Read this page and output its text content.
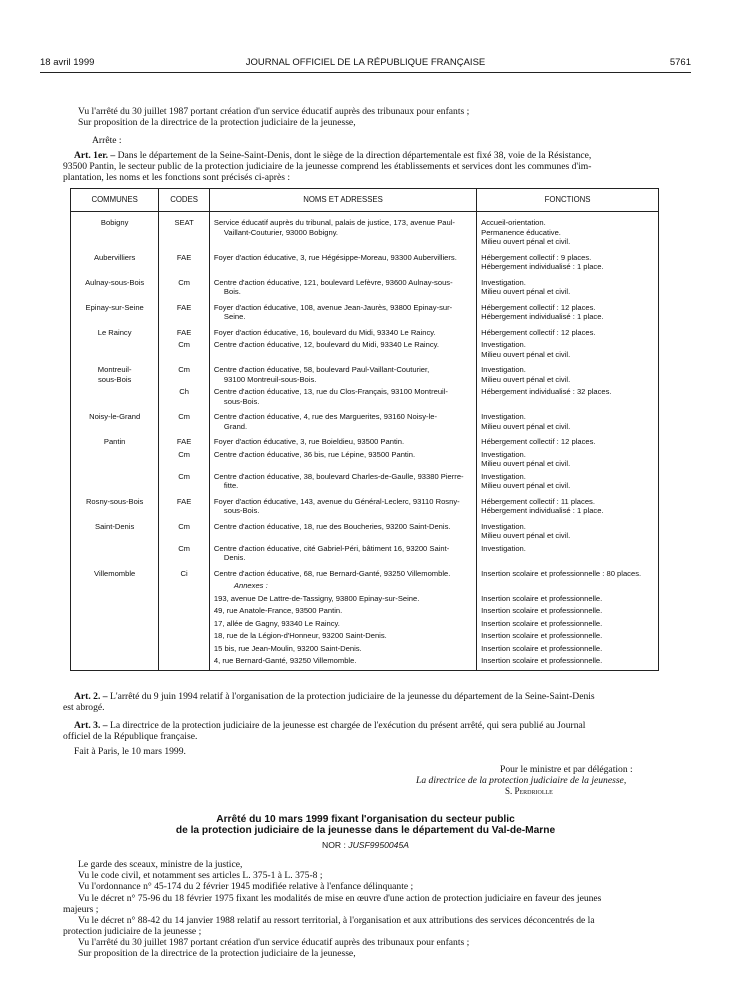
18 avril 1999	JOURNAL OFFICIEL DE LA RÉPUBLIQUE FRANÇAISE	5761
Vu l'arrêté du 30 juillet 1987 portant création d'un service éducatif auprès des tribunaux pour enfants ;
Sur proposition de la directrice de la protection judiciaire de la jeunesse,
Arrête :
Art. 1er. – Dans le département de la Seine-Saint-Denis, dont le siège de la direction départementale est fixé 38, voie de la Résistance,
93500 Pantin, le secteur public de la protection judiciaire de la jeunesse comprend les établissements et services dont les communes d'im-
plantation, les noms et les fonctions sont précisés ci-après :
COMMUNES	CODES	NOMS ET ADRESSES	FONCTIONS

Bobigny	SEAT	Service éducatif auprès du tribunal, palais de justice, 173, avenue Paul-
Vaillant-Couturier, 93000 Bobigny.	Accueil-orientation.
Permanence éducative.
Milieu ouvert pénal et civil.

Aubervilliers	FAE	Foyer d'action éducative, 3, rue Hégésippe-Moreau, 93300 Aubervilliers.	Hébergement collectif : 9 places.
Hébergement individualisé : 1 place.

Aulnay-sous-Bois	Cm	Centre d'action éducative, 121, boulevard Lefèvre, 93600 Aulnay-sous-
Bois.	Investigation.
Milieu ouvert pénal et civil.

Epinay-sur-Seine	FAE	Foyer d'action éducative, 108, avenue Jean-Jaurès, 93800 Epinay-sur-
Seine.	Hébergement collectif : 12 places.
Hébergement individualisé : 1 place.

Le Raincy	FAE	Foyer d'action éducative, 16, boulevard du Midi, 93340 Le Raincy.	Hébergement collectif : 12 places.

	Cm	Centre d'action éducative, 12, boulevard du Midi, 93340 Le Raincy.	Investigation.
Milieu ouvert pénal et civil.

Montreuil-
sous-Bois	Cm	Centre d'action éducative, 58, boulevard Paul-Vaillant-Couturier,
93100 Montreuil-sous-Bois.	Investigation.
Milieu ouvert pénal et civil.

	Ch	Centre d'action éducative, 13, rue du Clos-Français, 93100 Montreuil-
sous-Bois.	Hébergement individualisé : 32 places.

Noisy-le-Grand	Cm	Centre d'action éducative, 4, rue des Marguerites, 93160 Noisy-le-
Grand.	Investigation.
Milieu ouvert pénal et civil.

Pantin	FAE	Foyer d'action éducative, 3, rue Boieldieu, 93500 Pantin.	Hébergement collectif : 12 places.

	Cm	Centre d'action éducative, 36 bis, rue Lépine, 93500 Pantin.	Investigation.
Milieu ouvert pénal et civil.

	Cm	Centre d'action éducative, 38, boulevard Charles-de-Gaulle, 93380 Pierre-
fitte.	Investigation.
Milieu ouvert pénal et civil.

Rosny-sous-Bois	FAE	Foyer d'action éducative, 143, avenue du Général-Leclerc, 93110 Rosny-
sous-Bois.	Hébergement collectif : 11 places.
Hébergement individualisé : 1 place.

Saint-Denis	Cm	Centre d'action éducative, 18, rue des Boucheries, 93200 Saint-Denis.	Investigation.
Milieu ouvert pénal et civil.

	Cm	Centre d'action éducative, cité Gabriel-Péri, bâtiment 16, 93200 Saint-
Denis.	Investigation.

Villemomble	Ci	Centre d'action éducative, 68, rue Bernard-Ganté, 93250 Villemomble.	Insertion scolaire et professionnelle : 80 places.

		Annexes :	

		193, avenue De Lattre-de-Tassigny, 93800 Epinay-sur-Seine.	Insertion scolaire et professionnelle.

		49, rue Anatole-France, 93500 Pantin.	Insertion scolaire et professionnelle.

		17, allée de Gagny, 93340 Le Raincy.	Insertion scolaire et professionnelle.

		18, rue de la Légion-d'Honneur, 93200 Saint-Denis.	Insertion scolaire et professionnelle.

		15 bis, rue Jean-Moulin, 93200 Saint-Denis.	Insertion scolaire et professionnelle.

		4, rue Bernard-Ganté, 93250 Villemomble.	Insertion scolaire et professionnelle.

Art. 2. – L'arrêté du 9 juin 1994 relatif à l'organisation de la protection judiciaire de la jeunesse du département de la Seine-Saint-Denis
est abrogé.
Art. 3. – La directrice de la protection judiciaire de la jeunesse est chargée de l'exécution du présent arrêté, qui sera publié au Journal
officiel de la République française.
Fait à Paris, le 10 mars 1999.
Pour le ministre et par délégation :
La directrice de la protection judiciaire de la jeunesse,
S. Perdriolle
Arrêté du 10 mars 1999 fixant l'organisation du secteur public
de la protection judiciaire de la jeunesse dans le département du Val-de-Marne
NOR : JUSF9950045A
Le garde des sceaux, ministre de la justice,
Vu le code civil, et notamment ses articles L. 375-1 à L. 375-8 ;
Vu l'ordonnance n° 45-174 du 2 février 1945 modifiée relative à l'enfance délinquante ;
Vu le décret n° 75-96 du 18 février 1975 fixant les modalités de mise en œuvre d'une action de protection judiciaire en faveur des jeunes
majeurs ;
Vu le décret n° 88-42 du 14 janvier 1988 relatif au ressort territorial, à l'organisation et aux attributions des services déconcentrés de la
protection judiciaire de la jeunesse ;
Vu l'arrêté du 30 juillet 1987 portant création d'un service éducatif auprès des tribunaux pour enfants ;
Sur proposition de la directrice de la protection judiciaire de la jeunesse,
